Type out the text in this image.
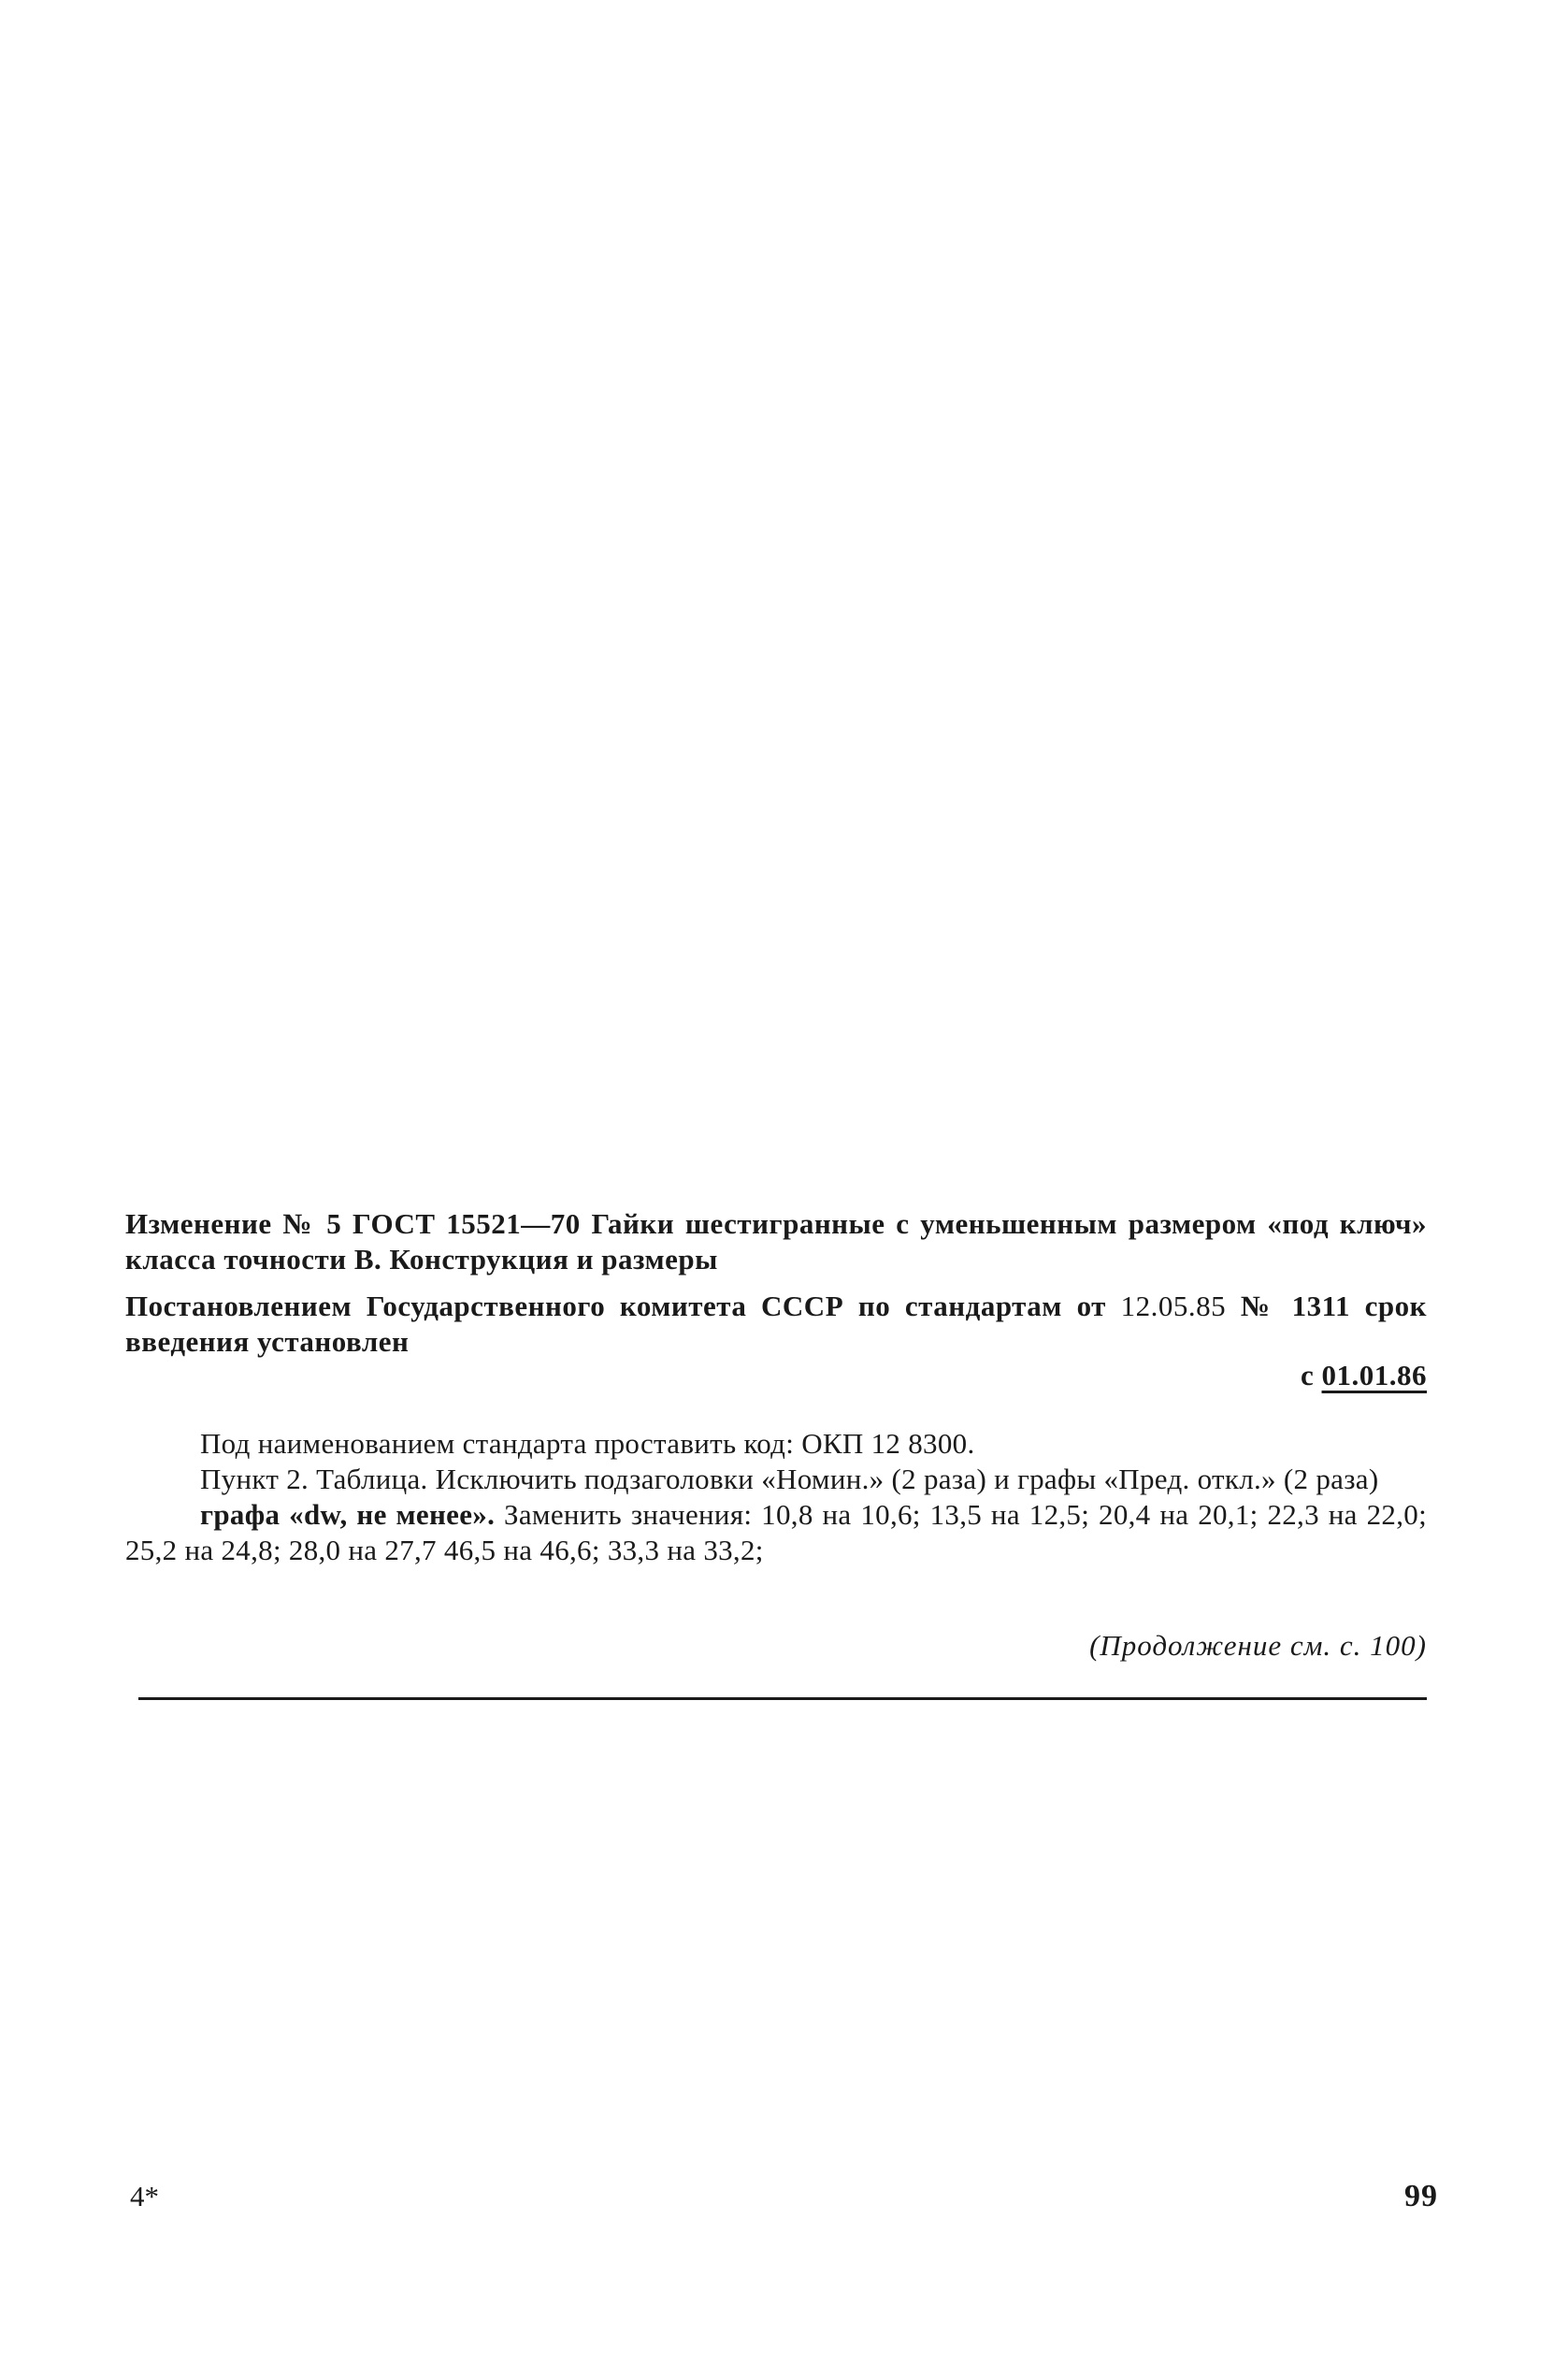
Изменение № 5 ГОСТ 15521—70 Гайки шестигранные с уменьшенным размером «под ключ» класса точности В. Конструкция и размеры
Постановлением Государственного комитета СССР по стандартам от 12.05.85 № 1311 срок введения установлен
с 01.01.86

Под наименованием стандарта проставить код: ОКП 12 8300.

Пункт 2. Таблица. Исключить подзаголовки «Номин.» (2 раза) и графы «Пред. откл.» (2 раза)

графа «dw, не менее». Заменить значения: 10,8 на 10,6; 13,5 на 12,5; 20,4 на 20,1; 22,3 на 22,0; 25,2 на 24,8; 28,0 на 27,7 46,5 на 46,6; 33,3 на 33,2;

(Продолжение см. с. 100)
4*	99
